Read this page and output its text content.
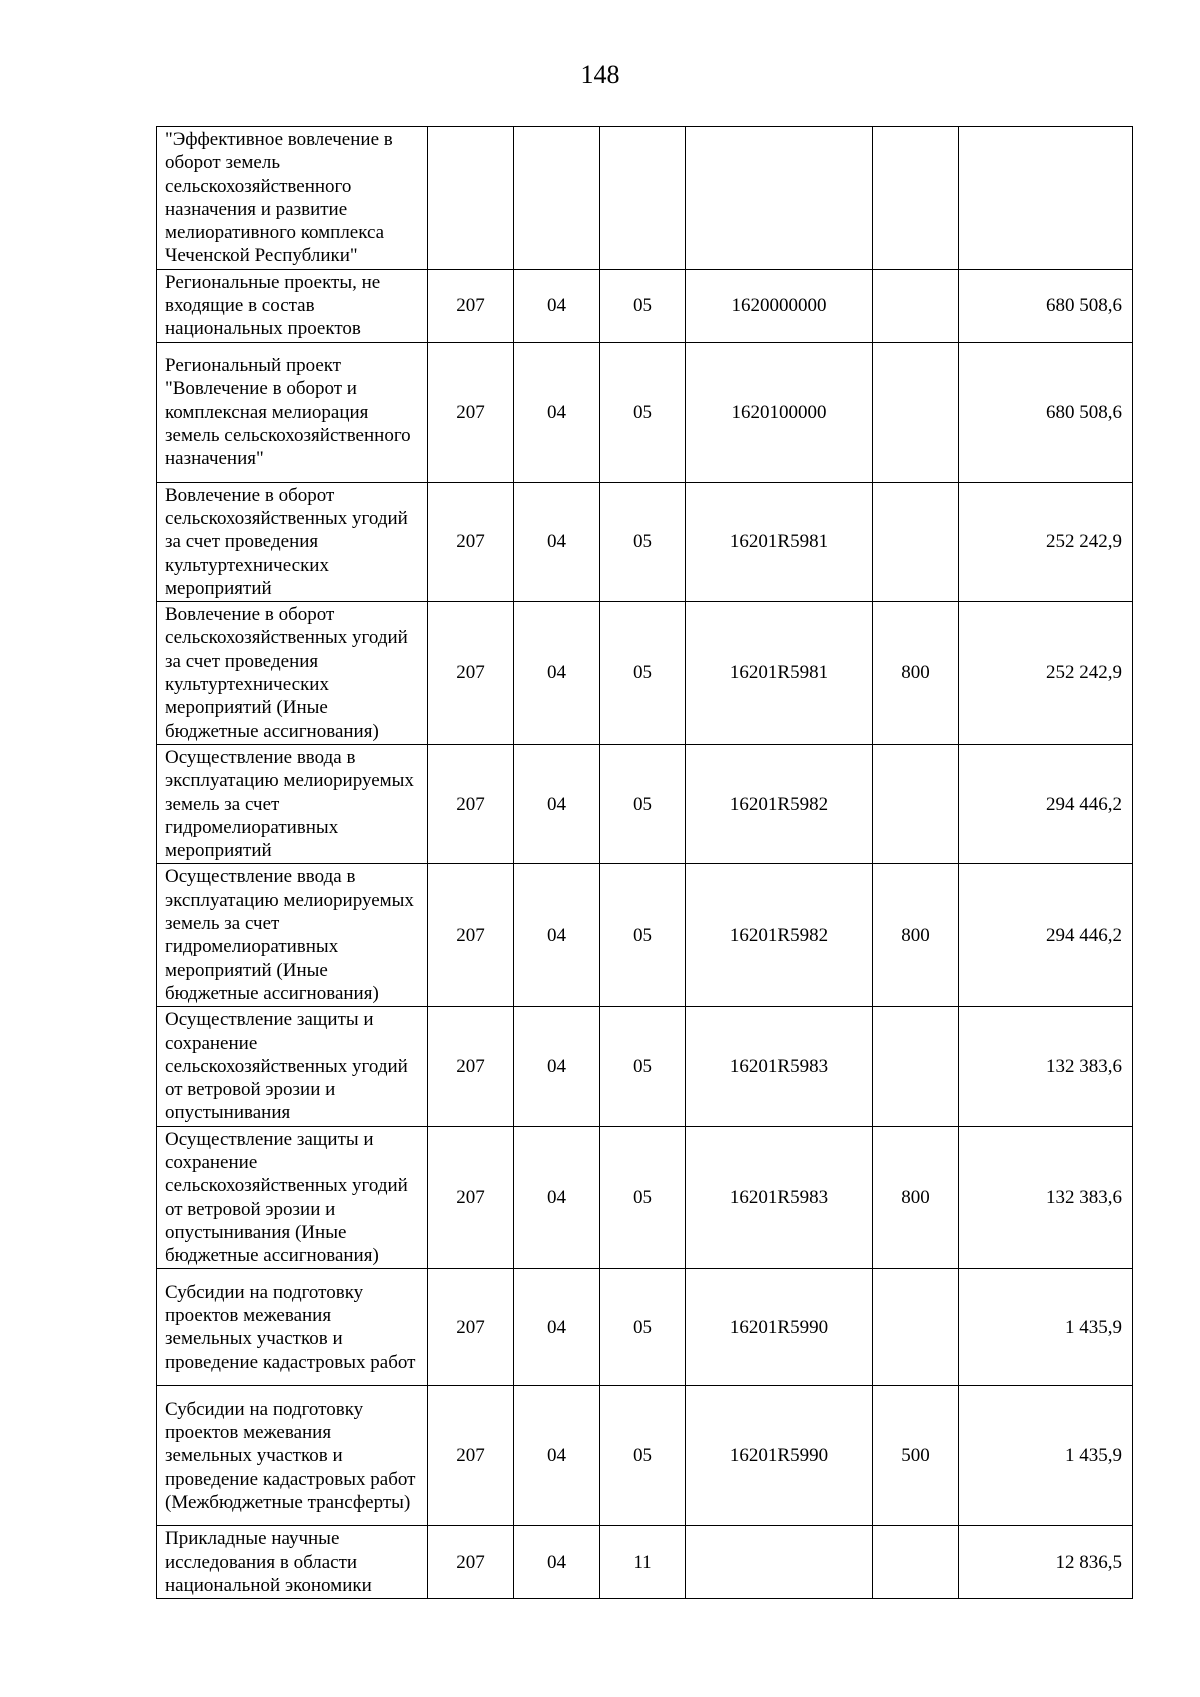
148
"Эффективное вовлечение в оборот земель сельскохозяйственного назначения и развитие мелиоративного комплекса Чеченской Республики"						
Региональные проекты, не входящие в состав национальных проектов	207	04	05	1620000000		680 508,6
Региональный проект "Вовлечение в оборот и комплексная мелиорация земель сельскохозяйственного назначения"	207	04	05	1620100000		680 508,6
Вовлечение в оборот сельскохозяйственных угодий за счет проведения культуртехнических мероприятий	207	04	05	16201R5981		252 242,9
Вовлечение в оборот сельскохозяйственных угодий за счет проведения культуртехнических мероприятий (Иные бюджетные ассигнования)	207	04	05	16201R5981	800	252 242,9
Осуществление ввода в эксплуатацию мелиорируемых земель за счет гидромелиоративных мероприятий	207	04	05	16201R5982		294 446,2
Осуществление ввода в эксплуатацию мелиорируемых земель за счет гидромелиоративных мероприятий (Иные бюджетные ассигнования)	207	04	05	16201R5982	800	294 446,2
Осуществление защиты и сохранение сельскохозяйственных угодий от ветровой эрозии и опустынивания	207	04	05	16201R5983		132 383,6
Осуществление защиты и сохранение сельскохозяйственных угодий от ветровой эрозии и опустынивания (Иные бюджетные ассигнования)	207	04	05	16201R5983	800	132 383,6
Субсидии на подготовку проектов межевания земельных участков и проведение кадастровых работ	207	04	05	16201R5990		1 435,9
Субсидии на подготовку проектов межевания земельных участков и проведение кадастровых работ (Межбюджетные трансферты)	207	04	05	16201R5990	500	1 435,9
Прикладные научные исследования в области национальной экономики	207	04	11			12 836,5
